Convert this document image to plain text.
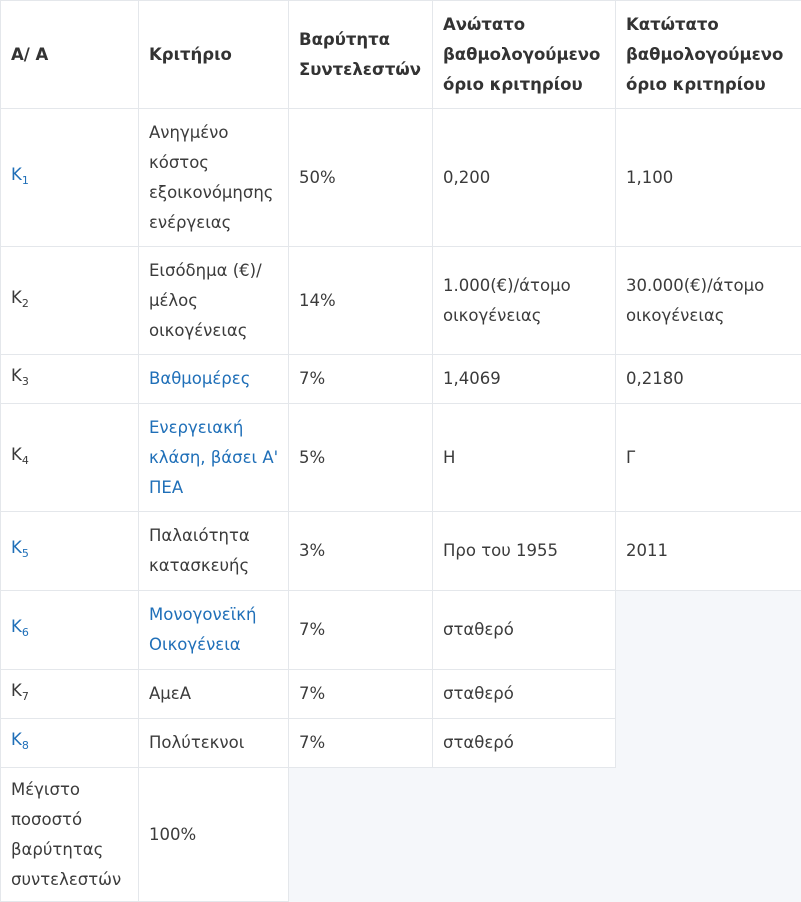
Α/ Α	Κριτήριο	Βαρύτητα Συντελεστών	Ανώτατο βαθμολογούμενο όριο κριτηρίου	Κατώτατο βαθμολογούμενο όριο κριτηρίου
$K_1$	Ανηγμένο κόστος εξοικονόμησης ενέργειας	50%	0,200	1,100
$K_2$	Εισόδημα (€)/ μέλος οικογένειας	14%	1.000(€)/άτομο οικογένειας	30.000(€)/άτομο οικογένειας
$K_3$	Βαθμομέρες	7%	1,4069	0,2180
$K_4$	Ενεργειακή κλάση, βάσει Α' ΠΕΑ	5%	Η	Γ
$K_5$	Παλαιότητα κατασκευής	3%	Προ του 1955	2011
$K_6$	Μονογονεϊκή Οικογένεια	7%	σταθερό	
$K_7$	ΑμεΑ	7%	σταθερό	
$K_8$	Πολύτεκνοι	7%	σταθερό	
Μέγιστο ποσοστό βαρύτητας συντελεστών	100%			
